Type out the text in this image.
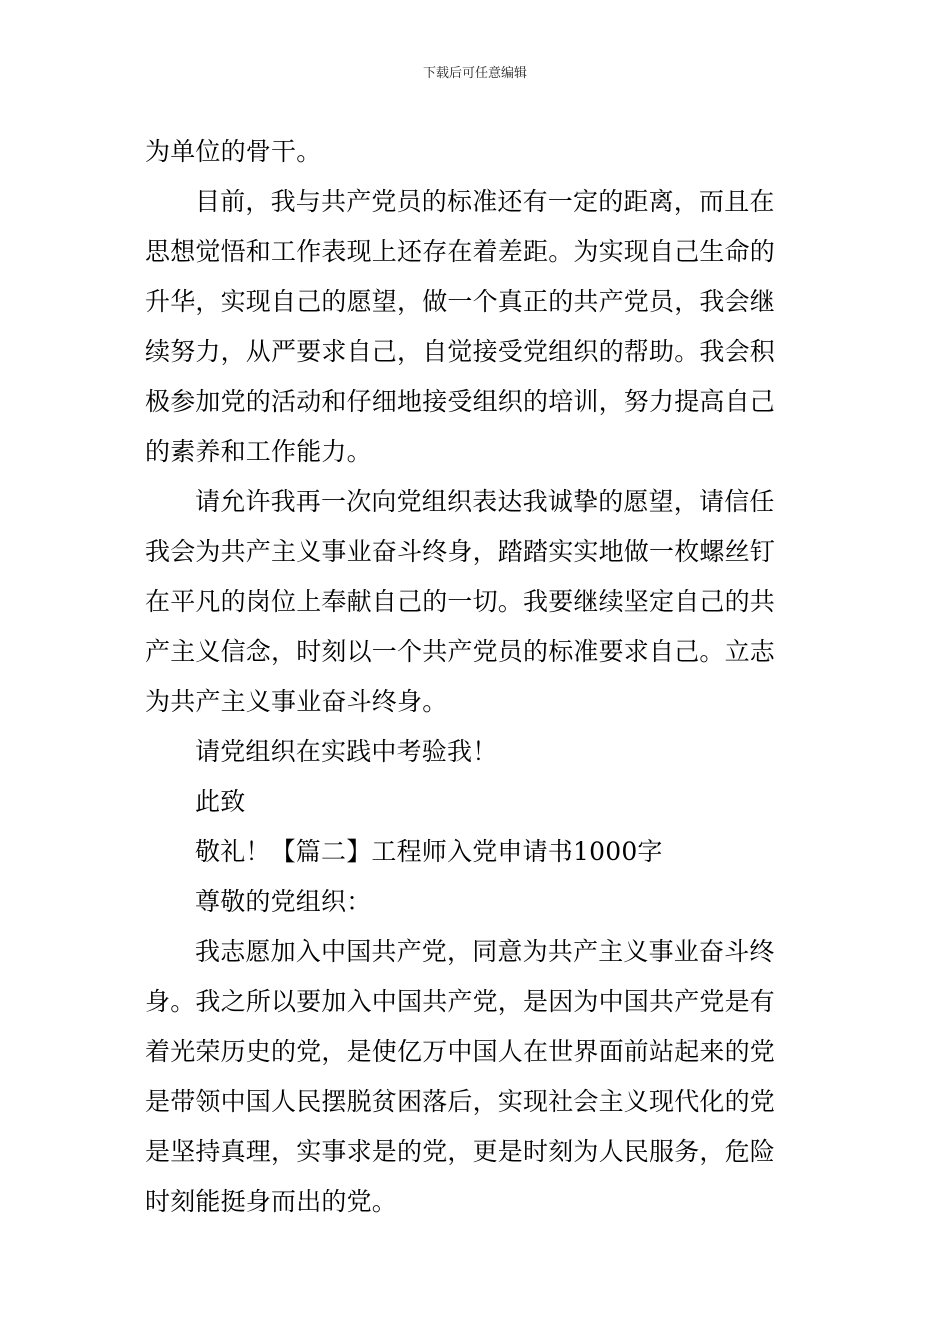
下载后可任意编辑
为单位的骨干。
目前，我与共产党员的标准还有一定的距离，而且在
思想觉悟和工作表现上还存在着差距。为实现自己生命的
升华，实现自己的愿望，做一个真正的共产党员，我会继
续努力，从严要求自己，自觉接受党组织的帮助。我会积
极参加党的活动和仔细地接受组织的培训，努力提高自己
的素养和工作能力。
请允许我再一次向党组织表达我诚挚的愿望，请信任
我会为共产主义事业奋斗终身，踏踏实实地做一枚螺丝钉
在平凡的岗位上奉献自己的一切。我要继续坚定自己的共
产主义信念，时刻以一个共产党员的标准要求自己。立志
为共产主义事业奋斗终身。
请党组织在实践中考验我！
此致
敬礼！【篇二】工程师入党申请书1000字
尊敬的党组织：
我志愿加入中国共产党，同意为共产主义事业奋斗终
身。我之所以要加入中国共产党，是因为中国共产党是有
着光荣历史的党，是使亿万中国人在世界面前站起来的党
是带领中国人民摆脱贫困落后，实现社会主义现代化的党
是坚持真理，实事求是的党，更是时刻为人民服务，危险
时刻能挺身而出的党。
